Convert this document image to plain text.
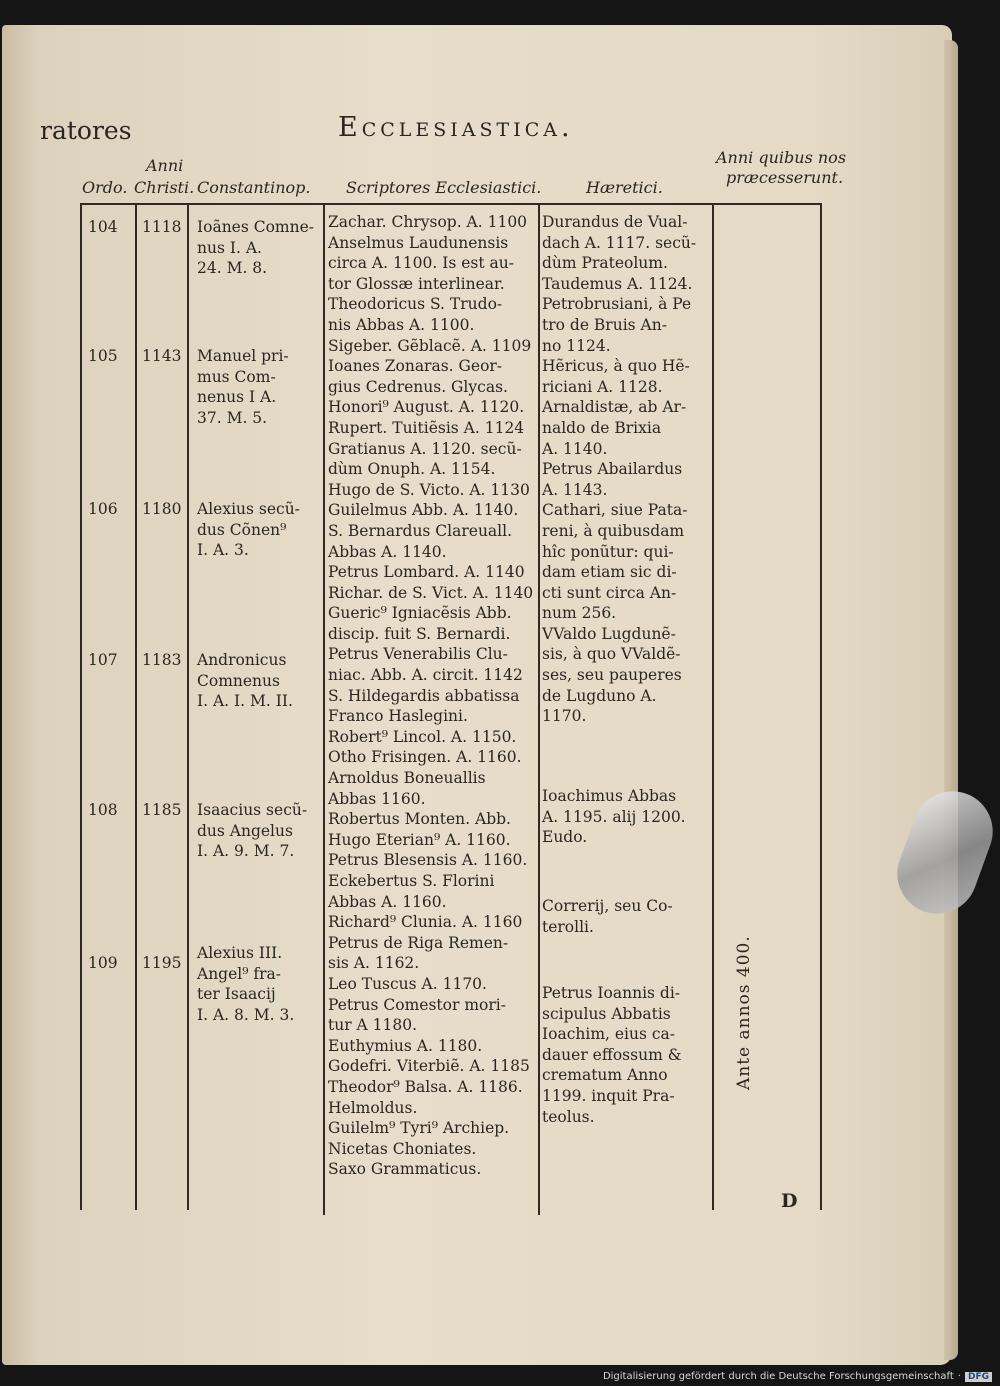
ratores	Ecclesiastica.
Ordo.
Anni
Christi. Constantinop. Scriptores Ecclesiastici.	Hæretici.
Anni quibus nos
præcesserunt.
104 1118 Ioãnes Comne-
nus I. A.
24. M. 8.
105 1143 Manuel pri-
mus Com-
nenus I A.
37. M. 5.
106 1180 Alexius secũ-
dus Cõnen⁹
I. A. 3.
107 1183 Andronicus
Comnenus
I. A. I. M. II.
108 1185 Isaacius secũ-
dus Angelus
I. A. 9. M. 7.
109 1195
Alexius III.
Angel⁹ fra-
ter Isaacij
I. A. 8. M. 3.
Zachar. Chrysop. A. 1100
Anselmus Laudunensis
circa A. 1100. Is est au-
tor Glossæ interlinear.
Theodoricus S. Trudo-
nis Abbas A. 1100.
Sigeber. Gẽblacẽ. A. 1109
Ioanes Zonaras. Geor-
gius Cedrenus. Glycas.
Honori⁹ August. A. 1120.
Rupert. Tuitiẽsis A. 1124
Gratianus A. 1120. secũ-
dùm Onuph. A. 1154.
Hugo de S. Victo. A. 1130
Guilelmus Abb. A. 1140.
S. Bernardus Clareuall.
Abbas A. 1140.
Petrus Lombard. A. 1140
Richar. de S. Vict. A. 1140
Gueric⁹ Igniacẽsis Abb.
discip. fuit S. Bernardi.
Petrus Venerabilis Clu-
niac. Abb. A. circit. 1142
S. Hildegardis abbatissa
Franco Haslegini.
Robert⁹ Lincol. A. 1150.
Otho Frisingen. A. 1160.
Arnoldus Boneuallis
Abbas 1160.
Robertus Monten. Abb.
Hugo Eterian⁹ A. 1160.
Petrus Blesensis A. 1160.
Eckebertus S. Florini
Abbas A. 1160.
Richard⁹ Clunia. A. 1160
Petrus de Riga Remen-
sis A. 1162.
Leo Tuscus A. 1170.
Petrus Comestor mori-
tur A 1180.
Euthymius A. 1180.
Godefri. Viterbiẽ. A. 1185
Theodor⁹ Balsa. A. 1186.
Helmoldus.
Guilelm⁹ Tyri⁹ Archiep.
Nicetas Choniates.
Saxo Grammaticus.
Durandus de Vual-
dach A. 1117. secũ-
dùm Prateolum.
Taudemus A. 1124.
Petrobrusiani, à Pe
tro de Bruis An-
no 1124.
Hẽricus, à quo Hẽ-
riciani A. 1128.
Arnaldistæ, ab Ar-
naldo de Brixia
A. 1140.
Petrus Abailardus
A. 1143.
Cathari, siue Pata-
reni, à quibusdam
hîc ponũtur: qui-
dam etiam sic di-
cti sunt circa An-
num 256.
VValdo Lugdunẽ-
sis, à quo VValdẽ-
ses, seu pauperes
de Lugduno A.
1170.
Ioachimus Abbas
A. 1195. alij 1200.
Eudo.
Correrij, seu Co-
terolli.
Petrus Ioannis di-
scipulus Abbatis
Ioachim, eius ca-
dauer effossum &
crematum Anno
1199. inquit Pra-
teolus.
Ante annos 400.
D
Digitalisierung gefördert durch die Deutsche Forschungsgemeinschaft · DFG
